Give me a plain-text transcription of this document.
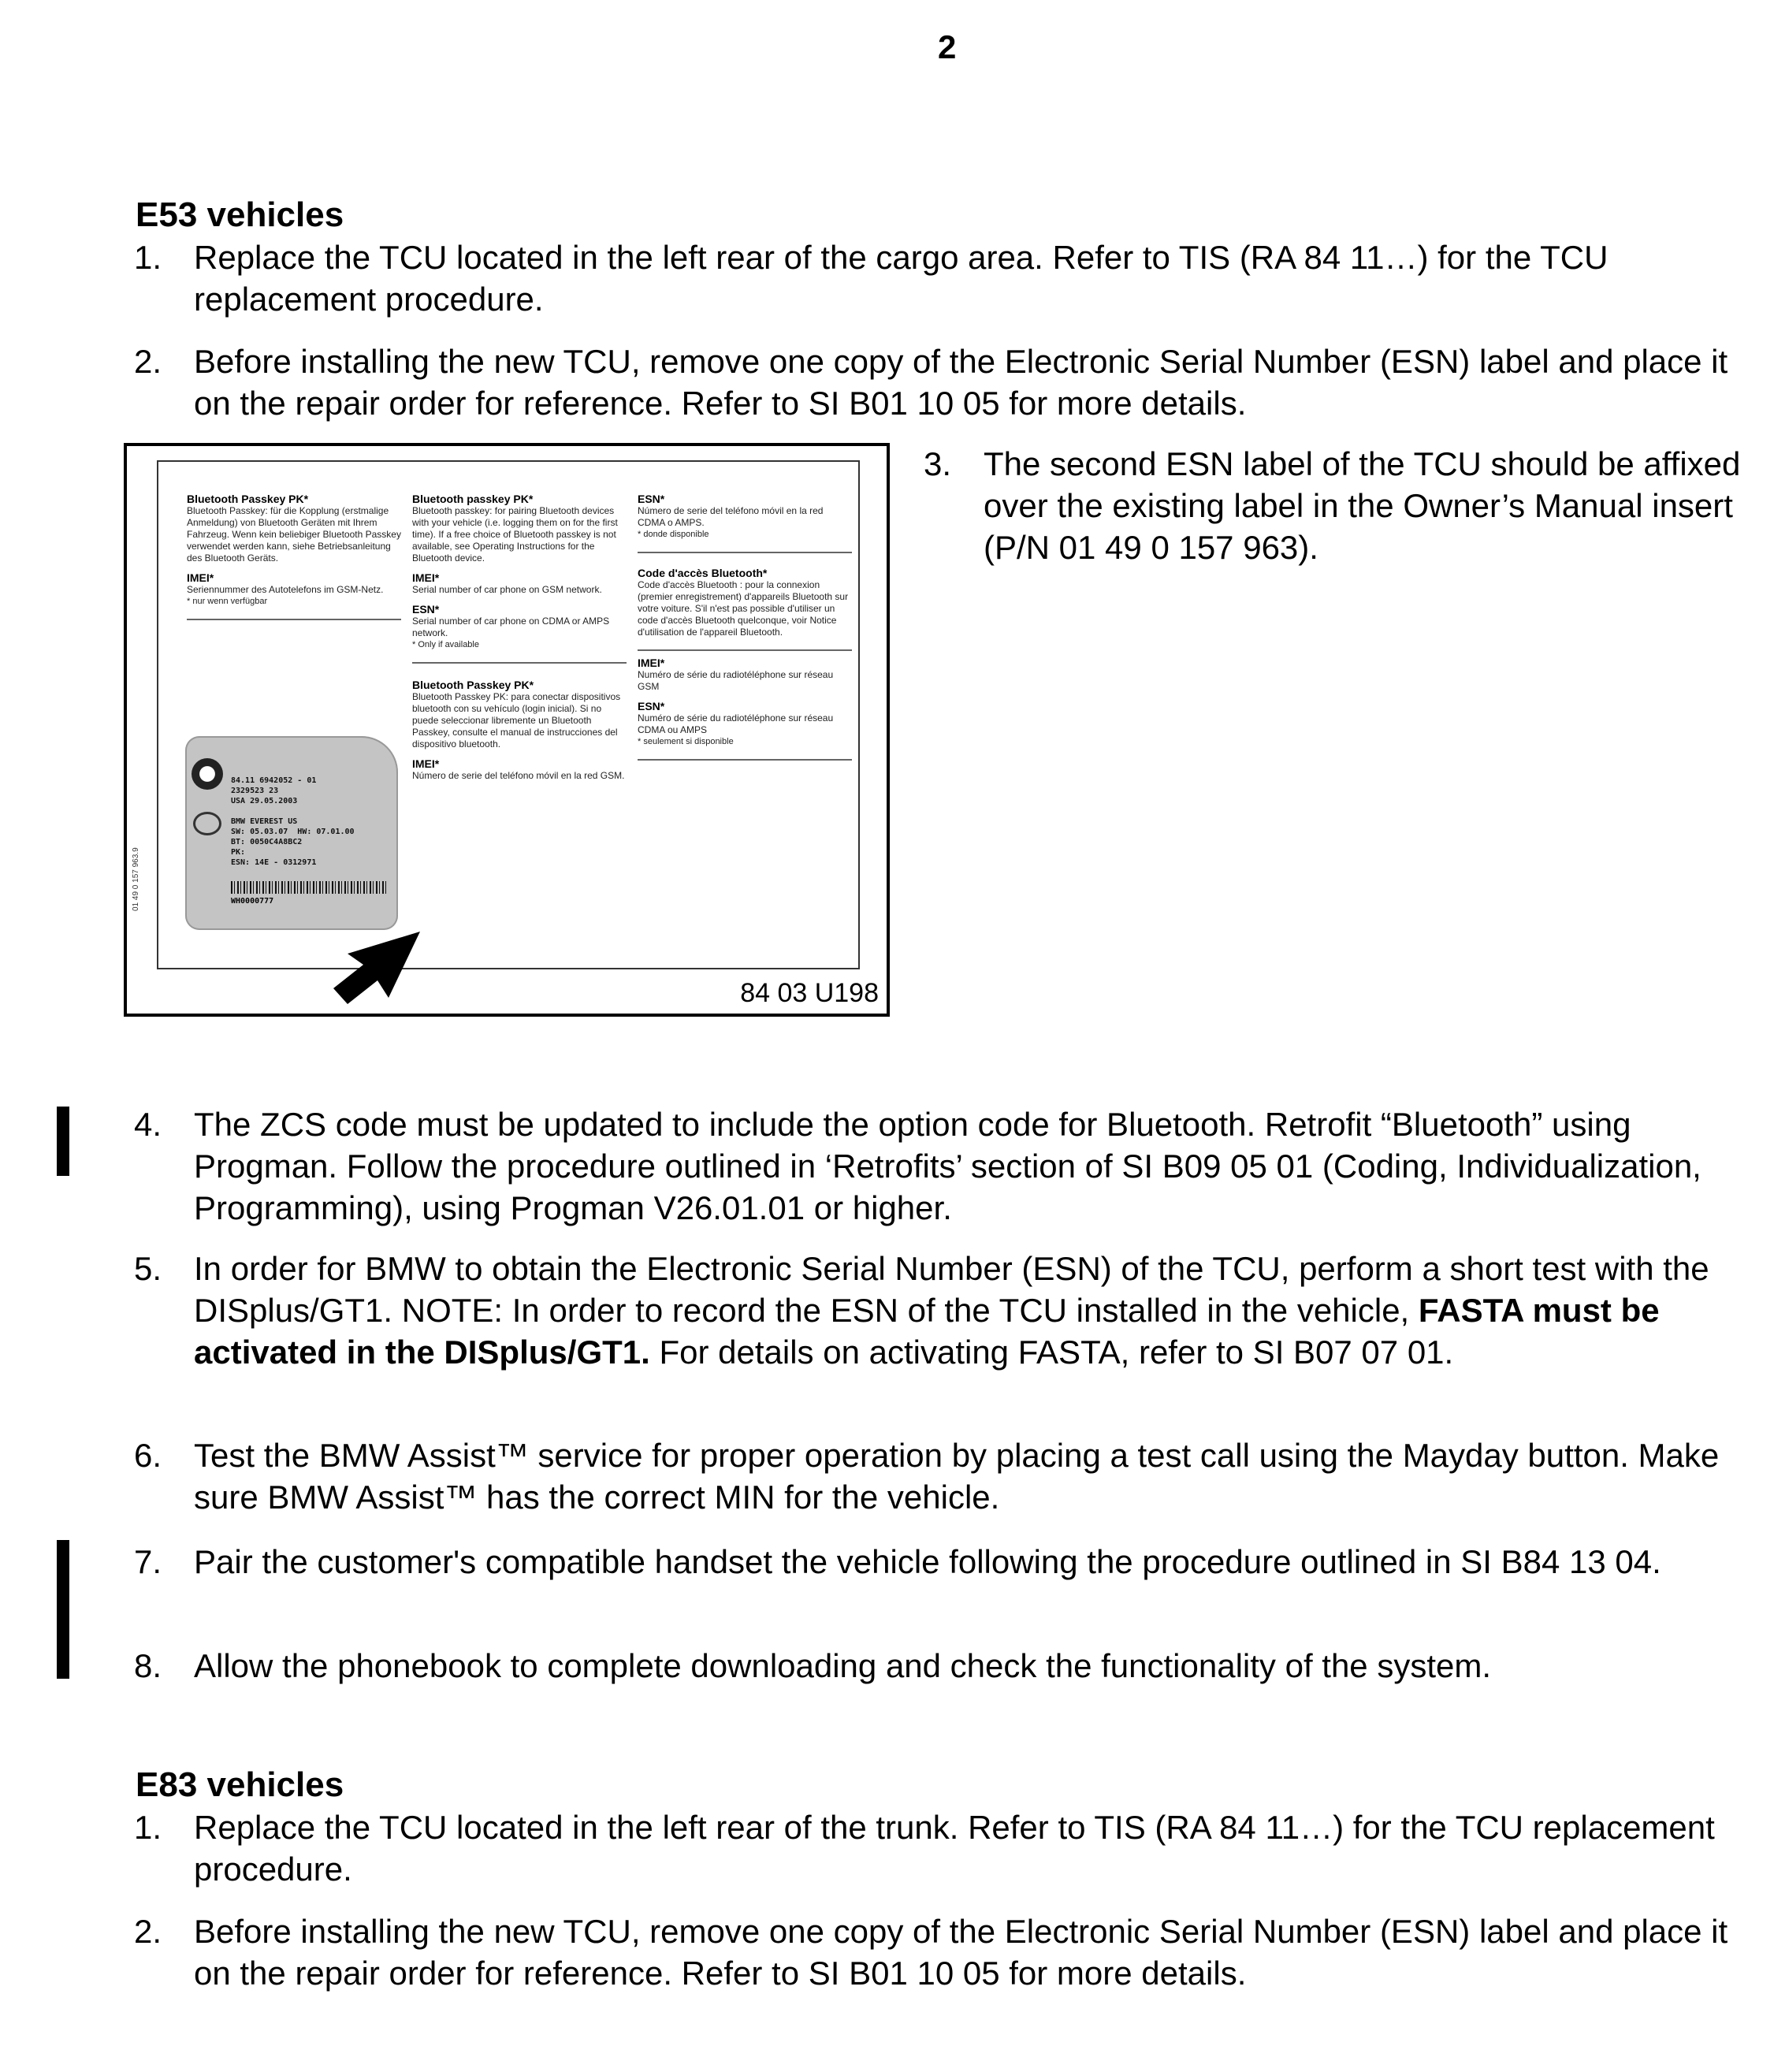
2
E53 vehicles
1. Replace the TCU located in the left rear of the cargo area. Refer to TIS (RA 84 11…) for the TCU replacement procedure.
2. Before installing the new TCU, remove one copy of the Electronic Serial Number (ESN) label and place it on the repair order for reference. Refer to SI B01 10 05 for more details.
Bluetooth Passkey PK*
Bluetooth Passkey: für die Kopplung (erstmalige Anmeldung) von Bluetooth Geräten mit Ihrem Fahrzeug. Wenn kein beliebiger Bluetooth Passkey verwendet werden kann, siehe Betriebsanleitung des Bluetooth Geräts.
IMEI*
Seriennummer des Autotelefons im GSM-Netz.
* nur wenn verfügbar
Bluetooth passkey PK*
Bluetooth passkey: for pairing Bluetooth devices with your vehicle (i.e. logging them on for the first time). If a free choice of Bluetooth passkey is not available, see Operating Instructions for the Bluetooth device.
IMEI*
Serial number of car phone on GSM network.
ESN*
Serial number of car phone on CDMA or AMPS network.
* Only if available
Bluetooth Passkey PK*
Bluetooth Passkey PK: para conectar dispositivos bluetooth con su vehículo (login inicial). Si no puede seleccionar libremente un Bluetooth Passkey, consulte el manual de instrucciones del dispositivo bluetooth.
IMEI*
Número de serie del teléfono móvil en la red GSM.
ESN*
Número de serie del teléfono móvil en la red CDMA o AMPS.
* donde disponible
Code d'accès Bluetooth*
Code d'accès Bluetooth : pour la connexion (premier enregistrement) d'appareils Bluetooth sur votre voiture. S'il n'est pas possible d'utiliser un code d'accès Bluetooth quelconque, voir Notice d'utilisation de l'appareil Bluetooth.
IMEI*
Numéro de série du radiotéléphone sur réseau GSM
ESN*
Numéro de série du radiotéléphone sur réseau CDMA ou AMPS
* seulement si disponible
84.11 6942052 - 01
2329523 23
USA 29.05.2003

BMW EVEREST US
SW: 05.03.07  HW: 07.01.00
BT: 0050C4A8BC2
PK:
ESN: 14E - 0312971
WH0000777
01 49 0 157 963.9
84 03 U198
3. The second ESN label of the TCU should be affixed over the existing label in the Owner’s Manual insert (P/N 01 49 0 157 963).
4. The ZCS code must be updated to include the option code for Bluetooth. Retrofit “Bluetooth” using Progman. Follow the procedure outlined in ‘Retrofits’ section of SI B09 05 01 (Coding, Individualization, Programming), using Progman V26.01.01 or higher.
5. In order for BMW to obtain the Electronic Serial Number (ESN) of the TCU, perform a short test with the DISplus/GT1. NOTE: In order to record the ESN of the TCU installed in the vehicle, FASTA must be activated in the DISplus/GT1. For details on activating FASTA, refer to SI B07 07 01.
6. Test the BMW Assist™ service for proper operation by placing a test call using the Mayday button. Make sure BMW Assist™ has the correct MIN for the vehicle.
7. Pair the customer's compatible handset the vehicle following the procedure outlined in SI B84 13 04.
8. Allow the phonebook to complete downloading and check the functionality of the system.
E83 vehicles
1. Replace the TCU located in the left rear of the trunk. Refer to TIS (RA 84 11…) for the TCU replacement procedure.
2. Before installing the new TCU, remove one copy of the Electronic Serial Number (ESN) label and place it on the repair order for reference. Refer to SI B01 10 05 for more details.
